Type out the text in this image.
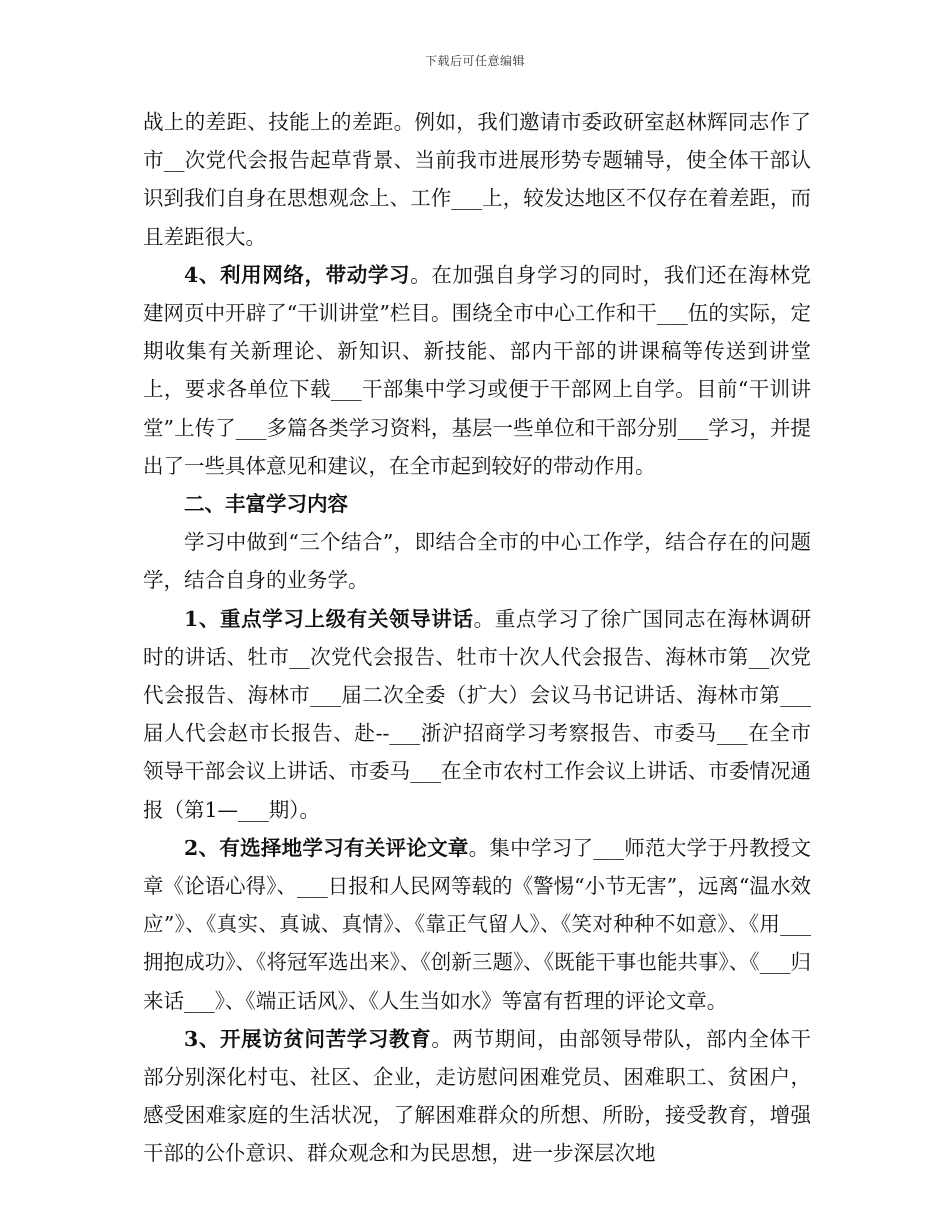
下载后可任意编辑

战上的差距、技能上的差距。例如，我们邀请市委政研室赵林辉同志作了市__次党代会报告起草背景、当前我市进展形势专题辅导，使全体干部认识到我们自身在思想观念上、工作___上，较发达地区不仅存在着差距，而且差距很大。

4、利用网络，带动学习。在加强自身学习的同时，我们还在海林党建网页中开辟了“干训讲堂”栏目。围绕全市中心工作和干___伍的实际，定期收集有关新理论、新知识、新技能、部内干部的讲课稿等传送到讲堂上，要求各单位下载___干部集中学习或便于干部网上自学。目前“干训讲堂”上传了___多篇各类学习资料，基层一些单位和干部分别___学习，并提出了一些具体意见和建议，在全市起到较好的带动作用。

二、丰富学习内容

学习中做到“三个结合”，即结合全市的中心工作学，结合存在的问题学，结合自身的业务学。

1、重点学习上级有关领导讲话。重点学习了徐广国同志在海林调研时的讲话、牡市__次党代会报告、牡市十次人代会报告、海林市第__次党代会报告、海林市___届二次全委（扩大）会议马书记讲话、海林市第___届人代会赵市长报告、赴--___浙沪招商学习考察报告、市委马___在全市领导干部会议上讲话、市委马___在全市农村工作会议上讲话、市委情况通报（第1—___期）。

2、有选择地学习有关评论文章。集中学习了___师范大学于丹教授文章《论语心得》、___日报和人民网等载的《警惕“小节无害”，远离“温水效应”》、《真实、真诚、真情》、《靠正气留人》、《笑对种种不如意》、《用___拥抱成功》、《将冠军选出来》、《创新三题》、《既能干事也能共事》、《___归来话___》、《端正话风》、《人生当如水》等富有哲理的评论文章。

3、开展访贫问苦学习教育。两节期间，由部领导带队，部内全体干部分别深化村屯、社区、企业，走访慰问困难党员、困难职工、贫困户，感受困难家庭的生活状况，了解困难群众的所想、所盼，接受教育，增强干部的公仆意识、群众观念和为民思想，进一步深层次地
